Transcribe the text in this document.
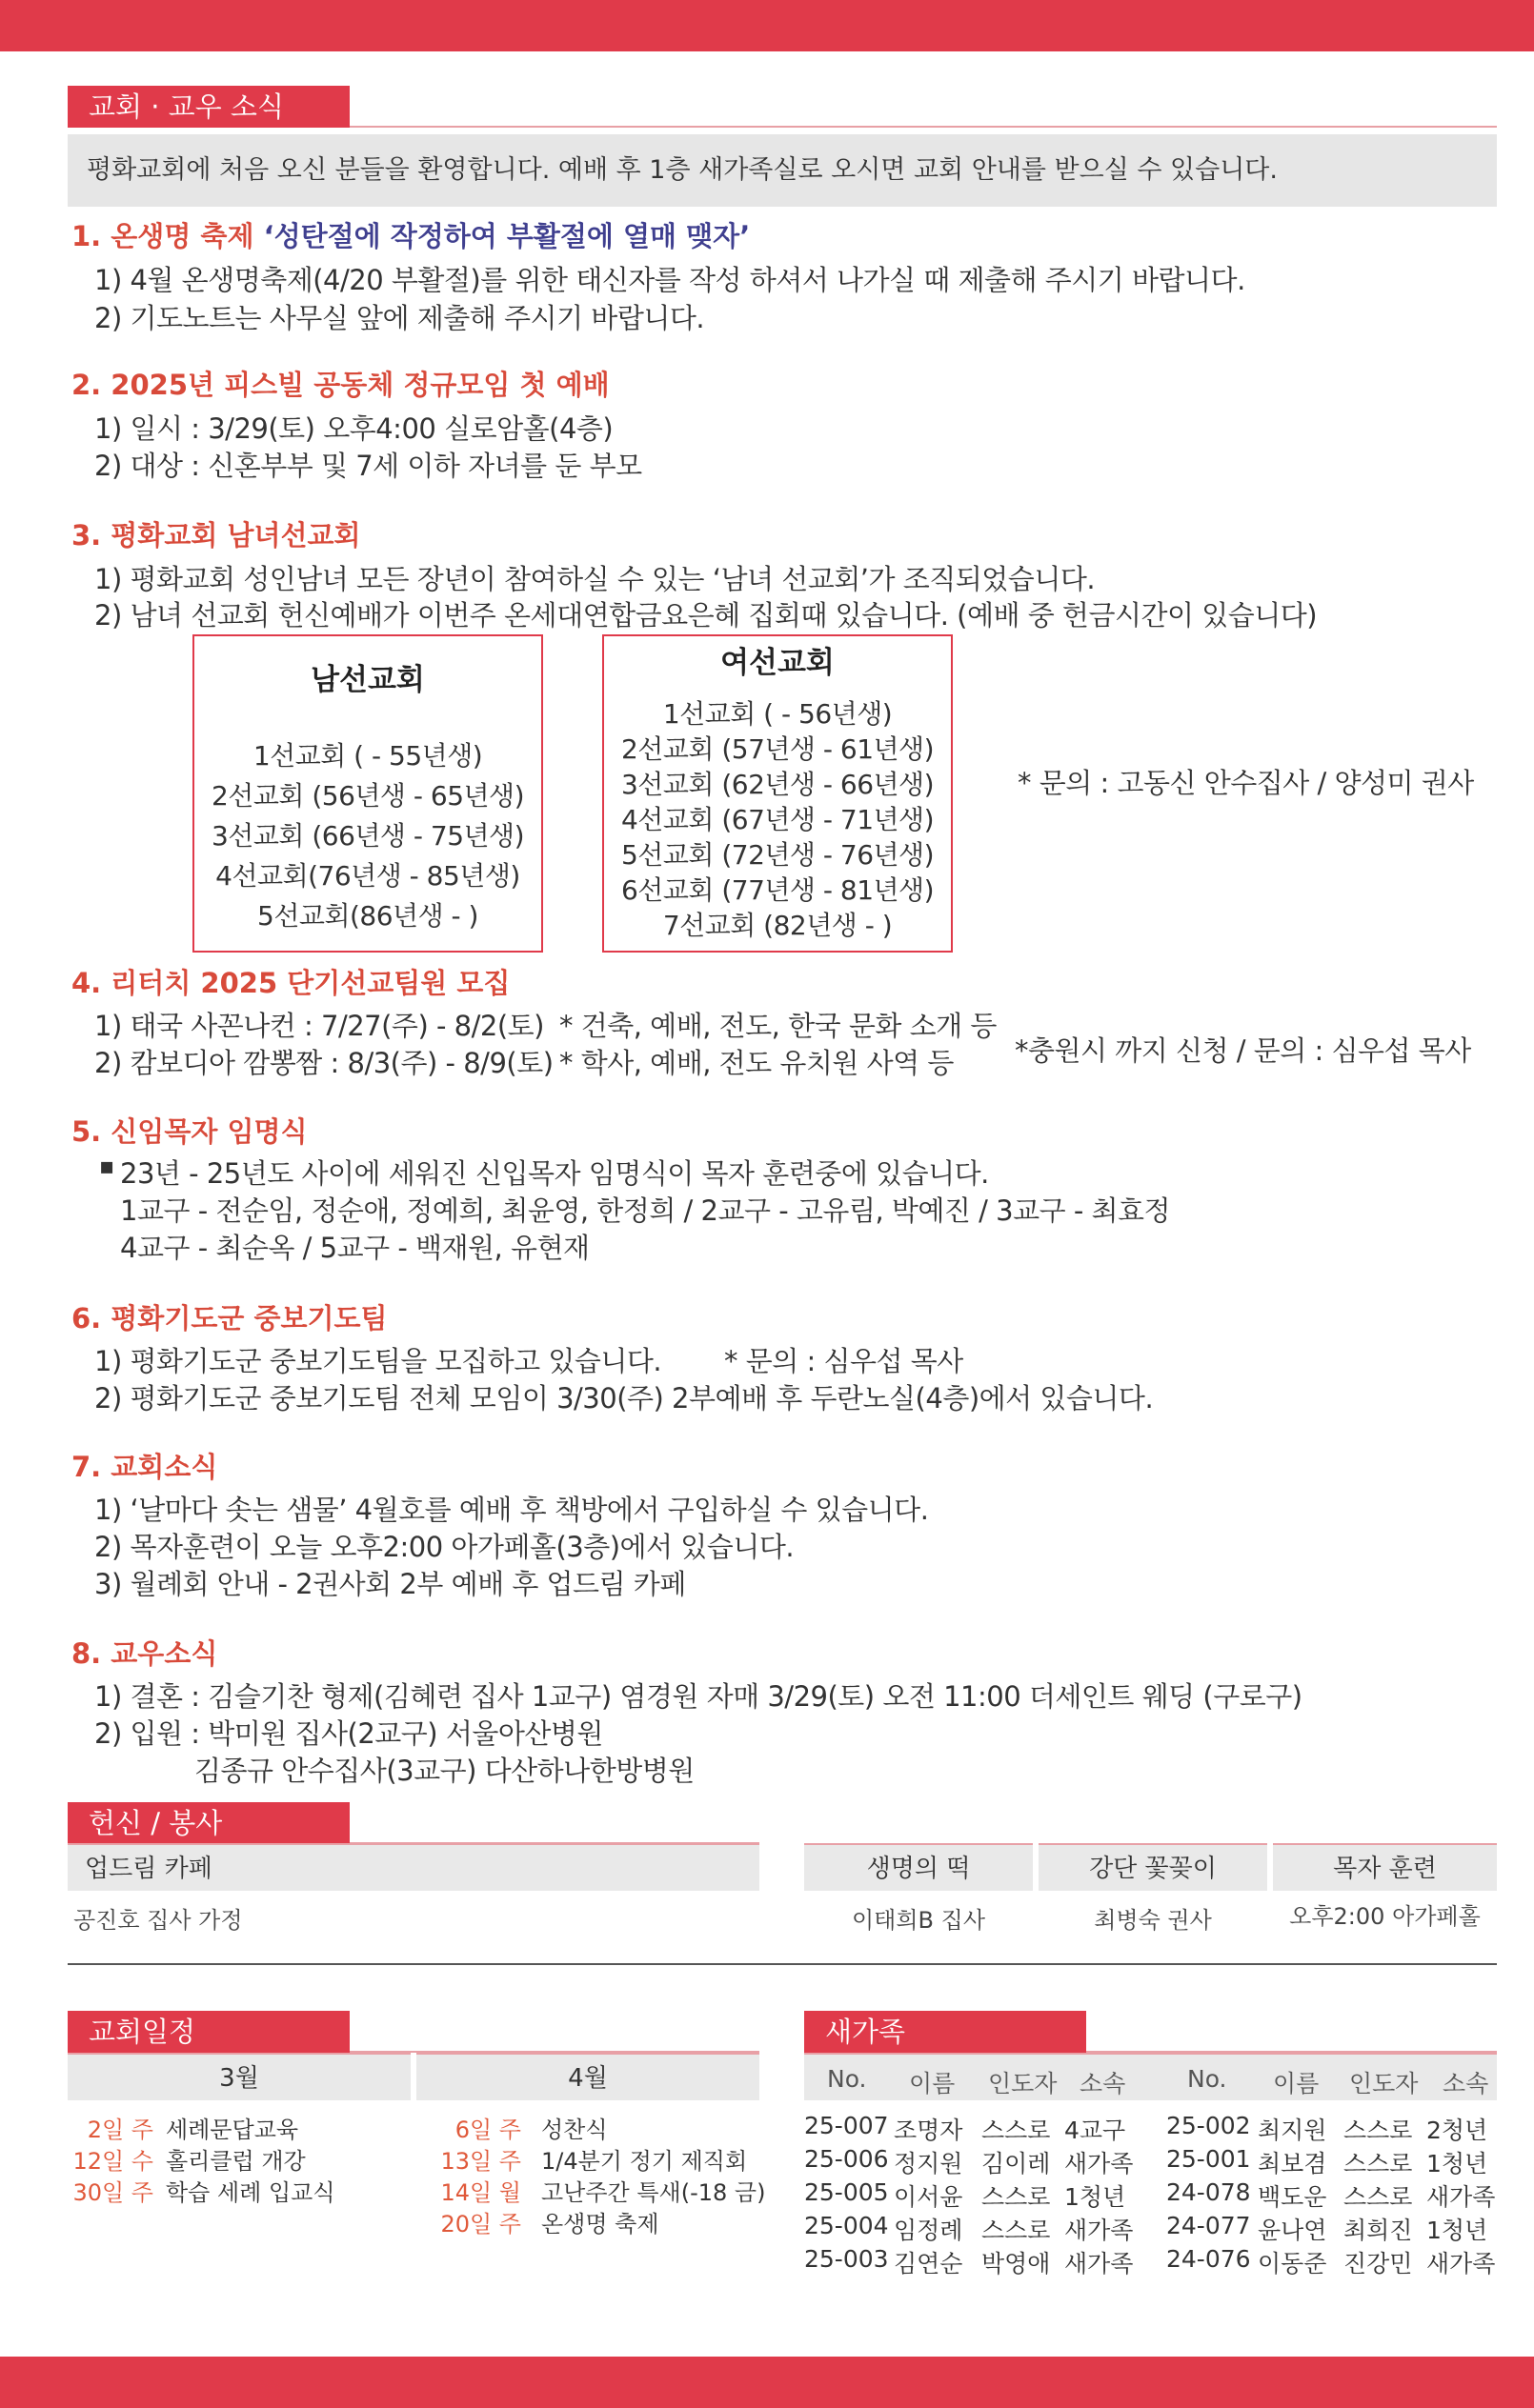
교회 · 교우 소식
평화교회에 처음 오신 분들을 환영합니다. 예배 후 1층 새가족실로 오시면 교회 안내를 받으실 수 있습니다.
1. 온생명 축제 ‘성탄절에 작정하여 부활절에 열매 맺자’
1) 4월 온생명축제(4/20 부활절)를 위한 태신자를 작성 하셔서 나가실 때 제출해 주시기 바랍니다.
2) 기도노트는 사무실 앞에 제출해 주시기 바랍니다.
2. 2025년 피스빌 공동체 정규모임 첫 예배
1) 일시 : 3/29(토) 오후4:00 실로암홀(4층)
2) 대상 : 신혼부부 및 7세 이하 자녀를 둔 부모
3. 평화교회 남녀선교회
1) 평화교회 성인남녀 모든 장년이 참여하실 수 있는 ‘남녀 선교회’가 조직되었습니다.
2) 남녀 선교회 헌신예배가 이번주 온세대연합금요은혜 집회때 있습니다. (예배 중 헌금시간이 있습니다)
남선교회
1선교회 ( - 55년생)
2선교회 (56년생 - 65년생)
3선교회 (66년생 - 75년생)
4선교회(76년생 - 85년생)
5선교회(86년생 - )
여선교회
1선교회 ( - 56년생)
2선교회 (57년생 - 61년생)
3선교회 (62년생 - 66년생)
4선교회 (67년생 - 71년생)
5선교회 (72년생 - 76년생)
6선교회 (77년생 - 81년생)
7선교회 (82년생 - )
* 문의 : 고동신 안수집사 / 양성미 권사
4. 리터치 2025 단기선교팀원 모집
1) 태국 사꼰나컨 : 7/27(주) - 8/2(토)
2) 캄보디아 깜뽕짬 : 8/3(주) - 8/9(토)
* 건축, 예배, 전도, 한국 문화 소개 등
* 학사, 예배, 전도 유치원 사역 등 *충원시 까지 신청 / 문의 : 심우섭 목사
5. 신임목자 임명식
▪ 23년 - 25년도 사이에 세워진 신입목자 임명식이 목자 훈련중에 있습니다.
1교구 - 전순임, 정순애, 정예희, 최윤영, 한정희 / 2교구 - 고유림, 박예진 / 3교구 - 최효정
4교구 - 최순옥 / 5교구 - 백재원, 유현재
6. 평화기도군 중보기도팀
1) 평화기도군 중보기도팀을 모집하고 있습니다. * 문의 : 심우섭 목사
2) 평화기도군 중보기도팀 전체 모임이 3/30(주) 2부예배 후 두란노실(4층)에서 있습니다.
7. 교회소식
1) ‘날마다 솟는 샘물’ 4월호를 예배 후 책방에서 구입하실 수 있습니다.
2) 목자훈련이 오늘 오후2:00 아가페홀(3층)에서 있습니다.
3) 월례회 안내 - 2권사회 2부 예배 후 업드림 카페
8. 교우소식
1) 결혼 : 김슬기찬 형제(김혜련 집사 1교구) 염경원 자매 3/29(토) 오전 11:00 더세인트 웨딩 (구로구)
2) 입원 : 박미원 집사(2교구) 서울아산병원
김종규 안수집사(3교구) 다산하나한방병원
헌신 / 봉사
업드림 카페	생명의 떡	강단 꽃꽂이	목자 훈련
공진호 집사 가정	이태희B 집사	최병숙 권사	오후2:00 아가페홀
교회일정
3월	4월
2일 주 세례문답교육
12일 수 홀리클럽 개강
30일 주 학습 세례 입교식
6일 주 성찬식
13일 주 1/4분기 정기 제직회
14일 월 고난주간 특새(-18 금)
20일 주 온생명 축제
새가족
No. 이름 인도자 소속	No. 이름 인도자 소속
25-007 조명자 스스로 4교구
25-006 정지원 김이레 새가족
25-005 이서윤 스스로 1청년
25-004 임정례 스스로 새가족
25-003 김연순 박영애 새가족
25-002 최지원 스스로 2청년
25-001 최보겸 스스로 1청년
24-078 백도운 스스로 새가족
24-077 윤나연 최희진 1청년
24-076 이동준 진강민 새가족
